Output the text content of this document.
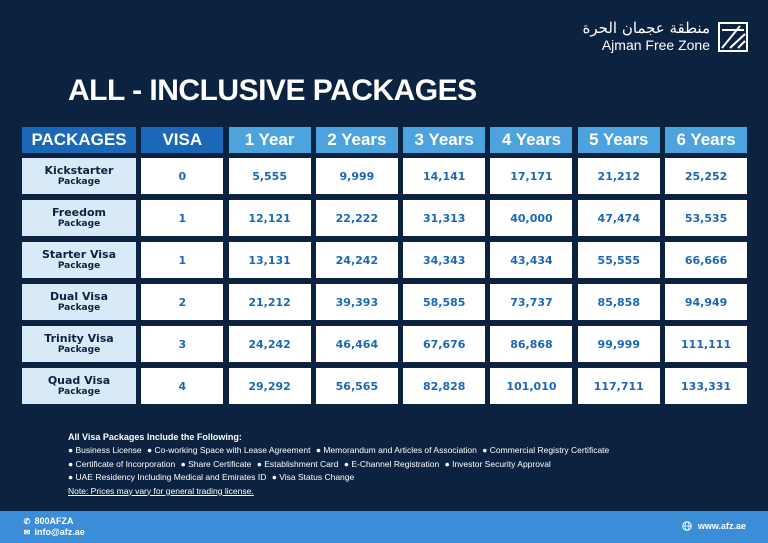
منطقة عجمان الحرة
Ajman Free Zone
ALL - INCLUSIVE PACKAGES
PACKAGES	VISA	1 Year	2 Years	3 Years	4 Years	5 Years	6 Years
Kickstarter
Package	0	5,555	9,999	14,141	17,171	21,212	25,252
Freedom
Package	1	12,121	22,222	31,313	40,000	47,474	53,535
Starter Visa
Package	1	13,131	24,242	34,343	43,434	55,555	66,666
Dual Visa
Package	2	21,212	39,393	58,585	73,737	85,858	94,949
Trinity Visa
Package	3	24,242	46,464	67,676	86,868	99,999	111,111
Quad Visa
Package	4	29,292	56,565	82,828	101,010	117,711	133,331
All Visa Packages Include the Following:
● Business License ● Co-working Space with Lease Agreement ● Memorandum and Articles of Association ● Commercial Registry Certificate ● Certificate of Incorporation ● Share Certificate ● Establishment Card ● E-Channel Registration ● Investor Security Approval ● UAE Residency Including Medical and Emirates ID ● Visa Status Change
Note: Prices may vary for general trading license.
✆ 800AFZA
✉ info@afz.ae
www.afz.ae
